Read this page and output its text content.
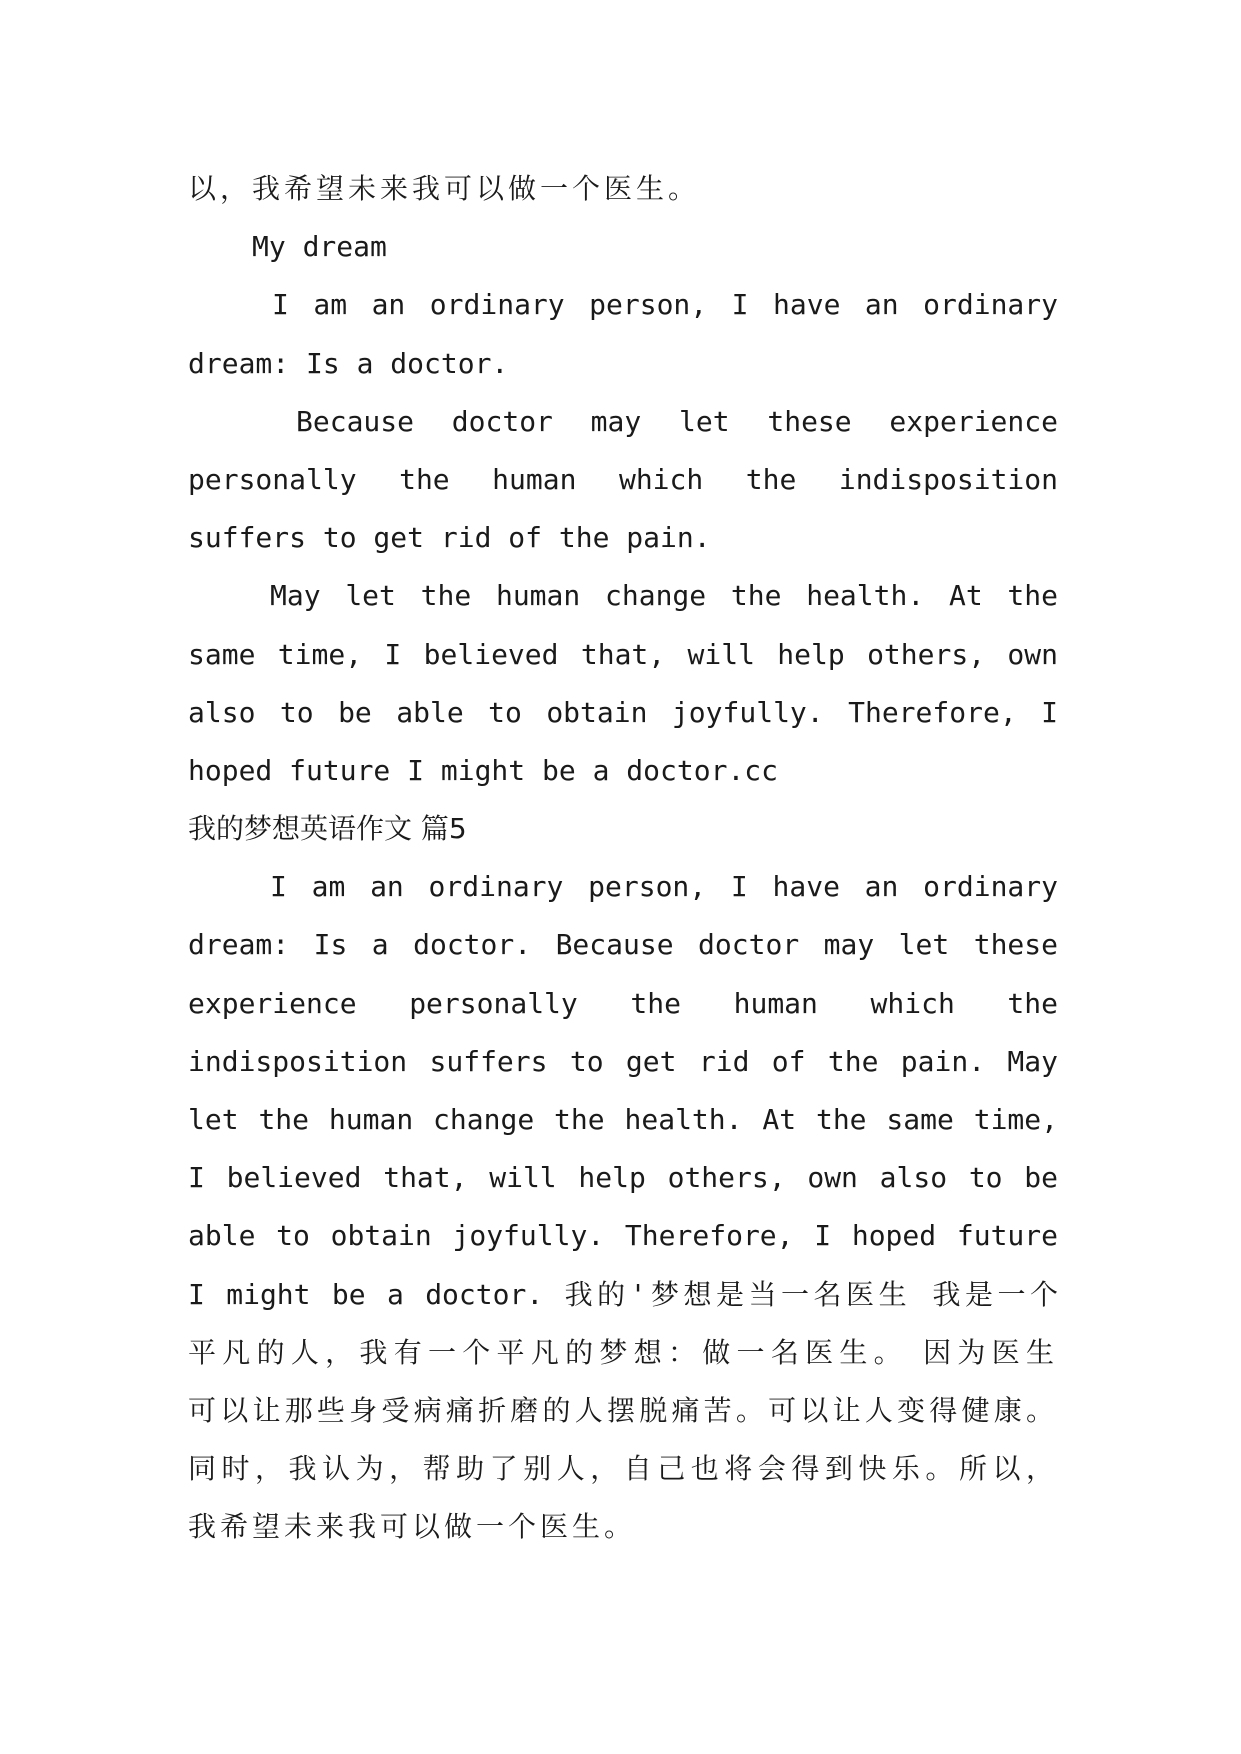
以，我希望未来我可以做一个医生。
My dream
I am an ordinary person, I have an ordinary
dream: Is a doctor.
Because doctor may let these experience
personally the human which the indisposition
suffers to get rid of the pain.
May let the human change the health. At the
same time, I believed that, will help others, own
also to be able to obtain joyfully. Therefore, I
hoped future I might be a doctor.cc
我的梦想英语作文 篇5
I am an ordinary person, I have an ordinary
dream: Is a doctor. Because doctor may let these
experience personally the human which the
indisposition suffers to get rid of the pain. May
let the human change the health. At the same time,
I believed that, will help others, own also to be
able to obtain joyfully. Therefore, I hoped future
I might be a doctor. 我的'梦想是当一名医生 我是一个
平凡的人，我有一个平凡的梦想：做一名医生。 因为医生
可以让那些身受病痛折磨的人摆脱痛苦。可以让人变得健康。
同时，我认为，帮助了别人，自己也将会得到快乐。所以，
我希望未来我可以做一个医生。
